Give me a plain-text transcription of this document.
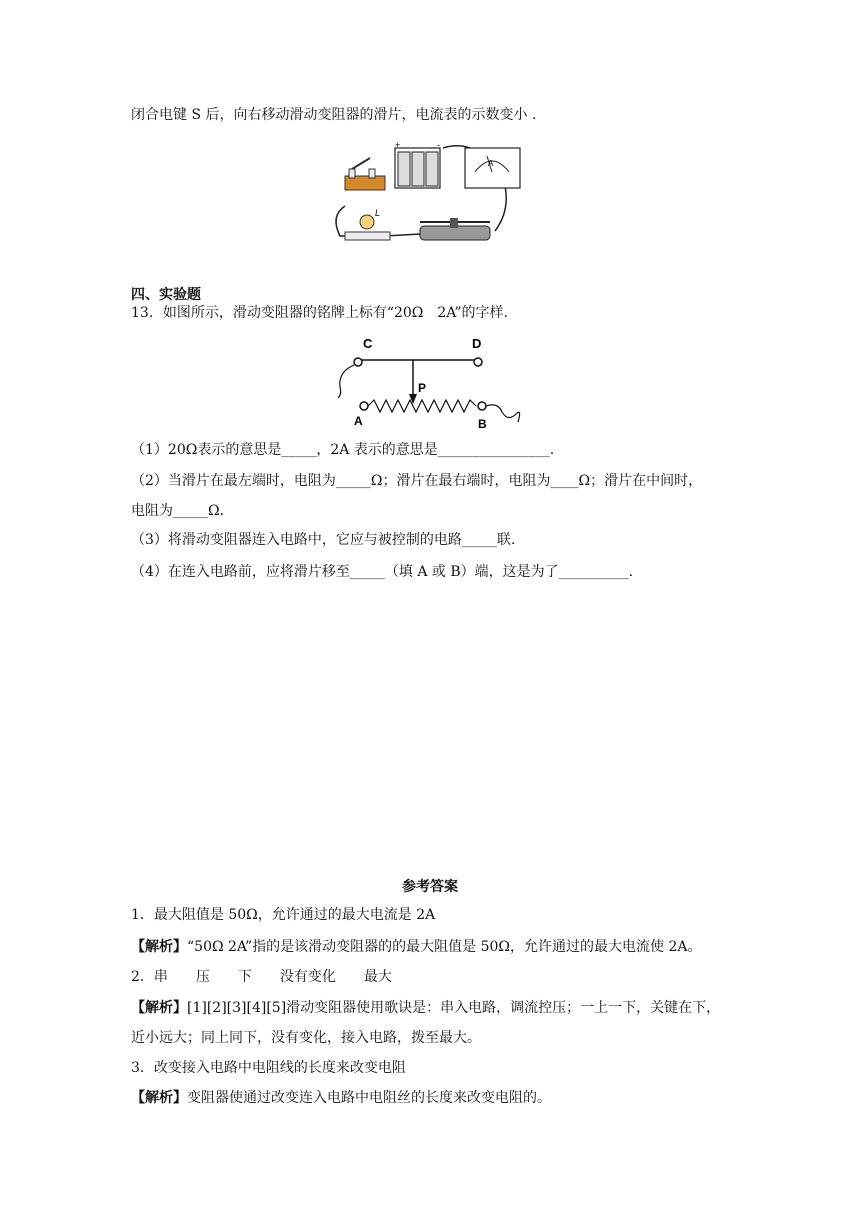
闭合电键 S 后，向右移动滑动变阻器的滑片，电流表的示数变小 .
+	-
A
L
四、实验题
13．如图所示，滑动变阻器的铭牌上标有“20Ω　2A”的字样.
C	D
P
A	B
（1）20Ω表示的意思是_____，2A 表示的意思是________________.
（2）当滑片在最左端时，电阻为_____Ω；滑片在最右端时，电阻为____Ω；滑片在中间时，
电阻为_____Ω.
（3）将滑动变阻器连入电路中，它应与被控制的电路_____联.
（4）在连入电路前，应将滑片移至_____（填 A 或 B）端，这是为了__________.
参考答案
1．最大阻值是 50Ω，允许通过的最大电流是 2A
【解析】“50Ω 2A”指的是该滑动变阻器的的最大阻值是 50Ω，允许通过的最大电流使 2A。
2．串　　压　　下　　没有变化　　最大
【解析】[1][2][3][4][5]滑动变阻器使用歌诀是：串入电路，调流控压；一上一下，关键在下，
近小远大；同上同下，没有变化，接入电路，拨至最大。
3．改变接入电路中电阻线的长度来改变电阻
【解析】变阻器使通过改变连入电路中电阻丝的长度来改变电阻的。
